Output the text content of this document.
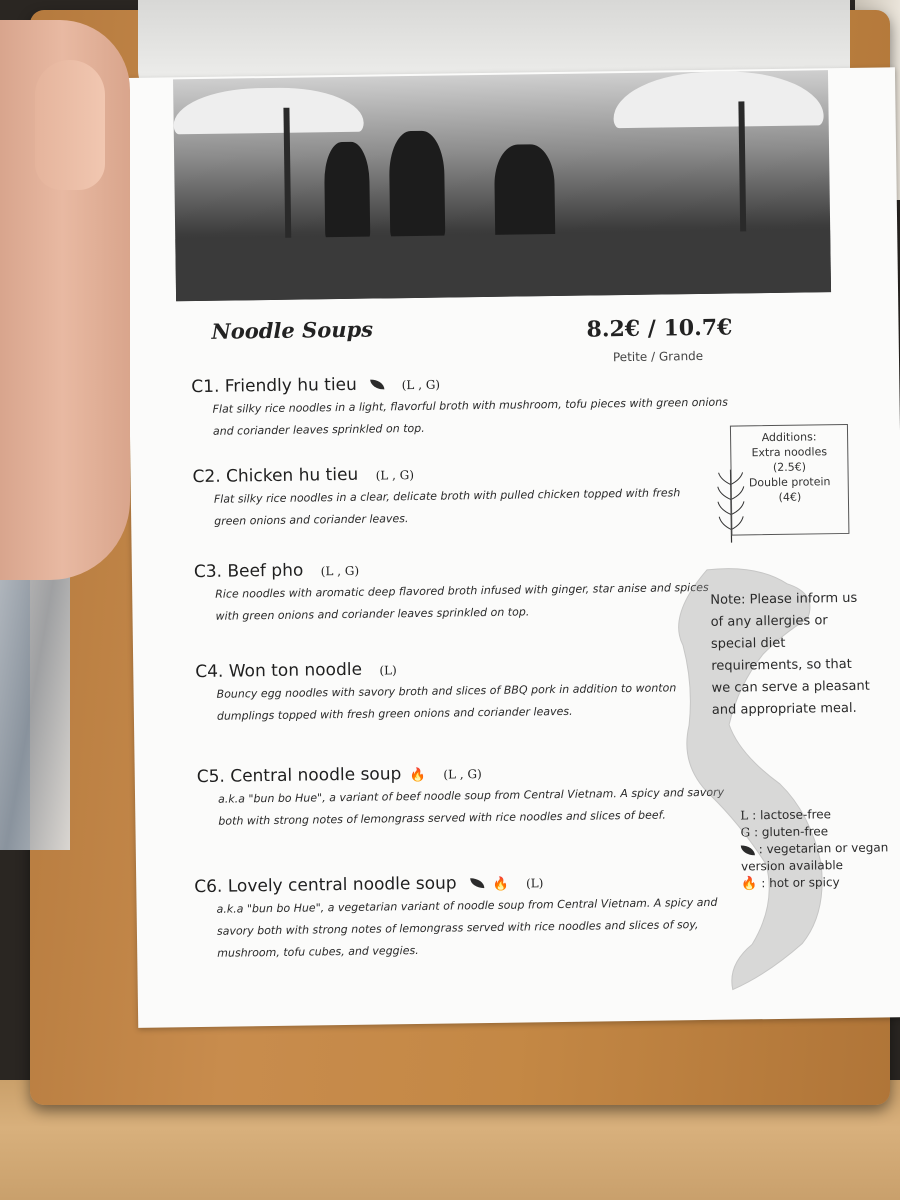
Noodle Soups	8.2€ / 10.7€
Petite / Grande
C1. Friendly hu tieu	(L , G)
Flat silky rice noodles in a light, flavorful broth with mushroom, tofu pieces with green onions and coriander leaves sprinkled on top.
C2. Chicken hu tieu (L , G)
Flat silky rice noodles in a clear, delicate broth with pulled chicken topped with fresh green onions and coriander leaves.
C3. Beef pho (L , G)
Rice noodles with aromatic deep flavored broth infused with ginger, star anise and spices with green onions and coriander leaves sprinkled on top.
C4. Won ton noodle (L)
Bouncy egg noodles with savory broth and slices of BBQ pork in addition to wonton dumplings topped with fresh green onions and coriander leaves.
C5. Central noodle soup 🔥 (L , G)
a.k.a "bun bo Hue", a variant of beef noodle soup from Central Vietnam. A spicy and savory both with strong notes of lemongrass served with rice noodles and slices of beef.
C6. Lovely central noodle soup	🔥 (L)
a.k.a "bun bo Hue", a vegetarian variant of noodle soup from Central Vietnam. A spicy and savory both with strong notes of lemongrass served with rice noodles and slices of soy, mushroom, tofu cubes, and veggies.
Additions:
Extra noodles
(2.5€)
Double protein
(4€)
Note: Please inform us of any allergies or special diet requirements, so that we can serve a pleasant and appropriate meal.
L : lactose-free
G : gluten-free
: vegetarian or vegan version available
🔥 : hot or spicy
